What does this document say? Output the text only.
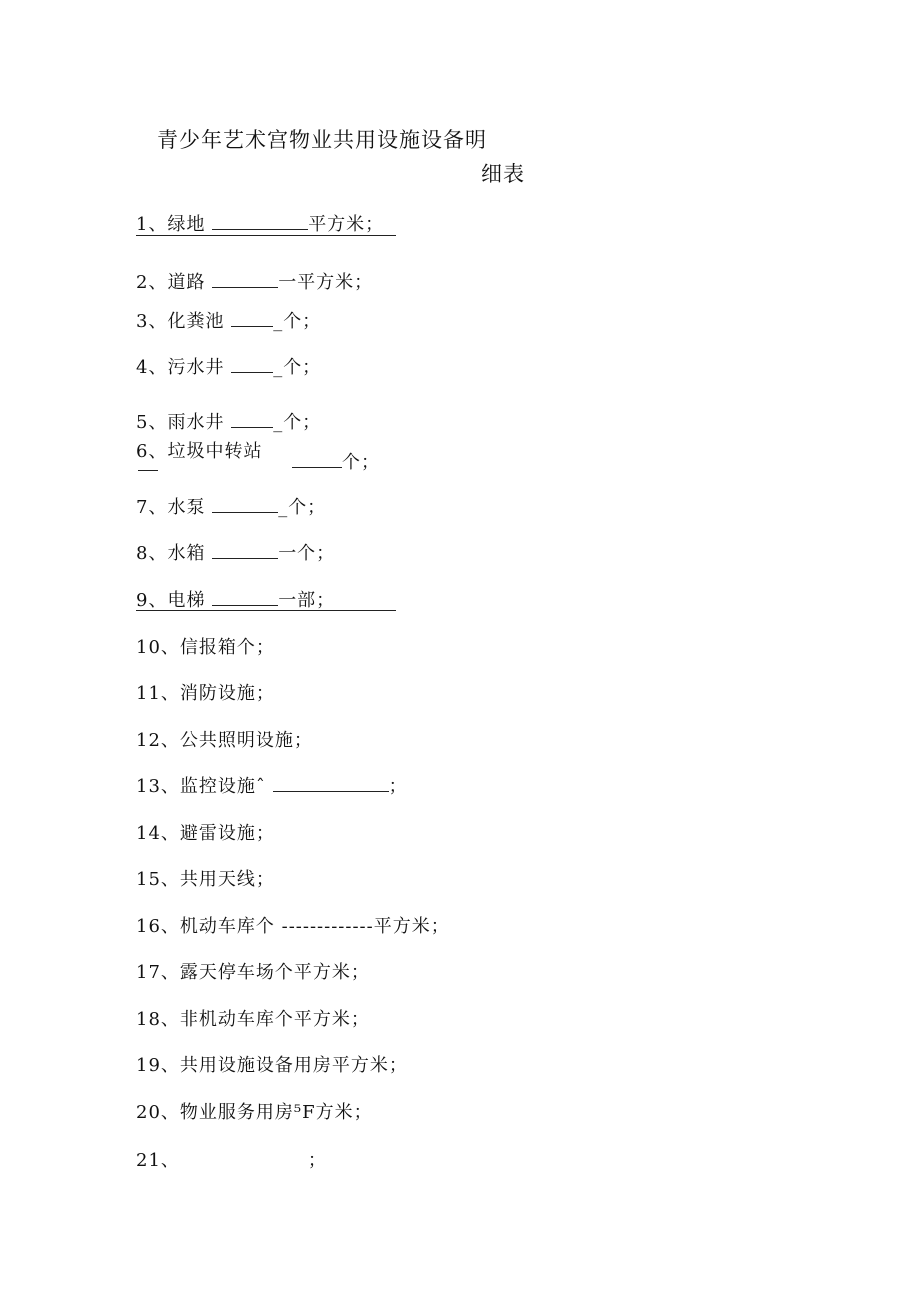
青少年艺术宫物业共用设施设备明
细表
1、绿地	平方米；
2、道路	一平方米；
3、化粪池	_个；
4、污水井	_个；
5、雨水井	_个；
6、垃圾中转站
个；
7、水泵	_个；
8、水箱	一个；
9、电梯	一部；
10、信报箱个；
11、消防设施；
12、公共照明设施；
13、监控设施ˆ	；
14、避雷设施；
15、共用天线；
16、机动车库个 -------------平方米；
17、露天停车场个平方米；
18、非机动车库个平方米；
19、共用设施设备用房平方米；
20、物业服务用房⁵F方米；
21、	；
